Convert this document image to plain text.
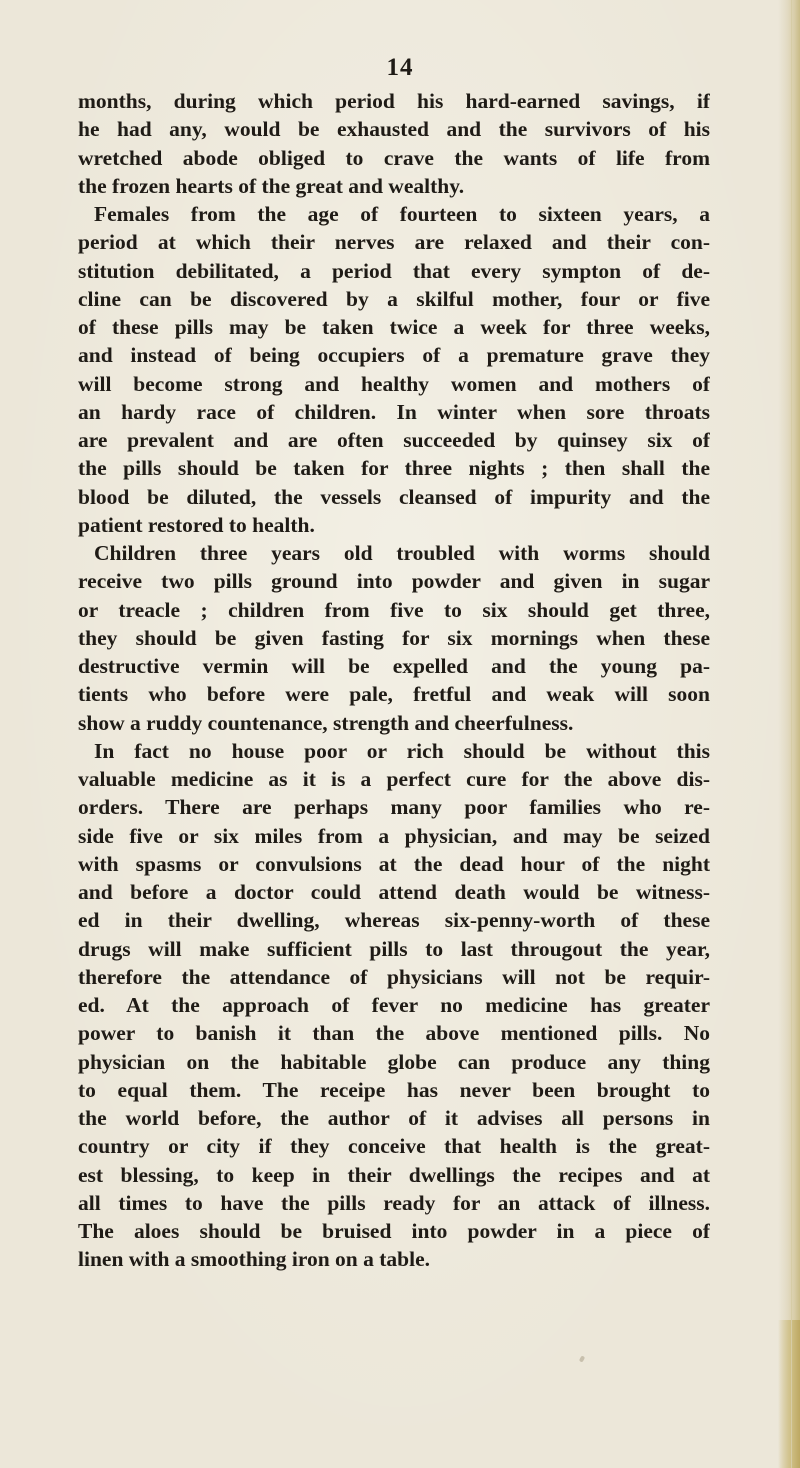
14
months, during which period his hard-earned savings, if
he had any, would be exhausted and the survivors of his
wretched abode obliged to crave the wants of life from
the frozen hearts of the great and wealthy.
Females from the age of fourteen to sixteen years, a
period at which their nerves are relaxed and their con-
stitution debilitated, a period that every sympton of de-
cline can be discovered by a skilful mother, four or five
of these pills may be taken twice a week for three weeks,
and instead of being occupiers of a premature grave they
will become strong and healthy women and mothers of
an hardy race of children. In winter when sore throats
are prevalent and are often succeeded by quinsey six of
the pills should be taken for three nights ; then shall the
blood be diluted, the vessels cleansed of impurity and the
patient restored to health.
Children three years old troubled with worms should
receive two pills ground into powder and given in sugar
or treacle ; children from five to six should get three,
they should be given fasting for six mornings when these
destructive vermin will be expelled and the young pa-
tients who before were pale, fretful and weak will soon
show a ruddy countenance, strength and cheerfulness.
In fact no house poor or rich should be without this
valuable medicine as it is a perfect cure for the above dis-
orders. There are perhaps many poor families who re-
side five or six miles from a physician, and may be seized
with spasms or convulsions at the dead hour of the night
and before a doctor could attend death would be witness-
ed in their dwelling, whereas six-penny-worth of these
drugs will make sufficient pills to last througout the year,
therefore the attendance of physicians will not be requir-
ed. At the approach of fever no medicine has greater
power to banish it than the above mentioned pills. No
physician on the habitable globe can produce any thing
to equal them. The receipe has never been brought to
the world before, the author of it advises all persons in
country or city if they conceive that health is the great-
est blessing, to keep in their dwellings the recipes and at
all times to have the pills ready for an attack of illness.
The aloes should be bruised into powder in a piece of
linen with a smoothing iron on a table.
